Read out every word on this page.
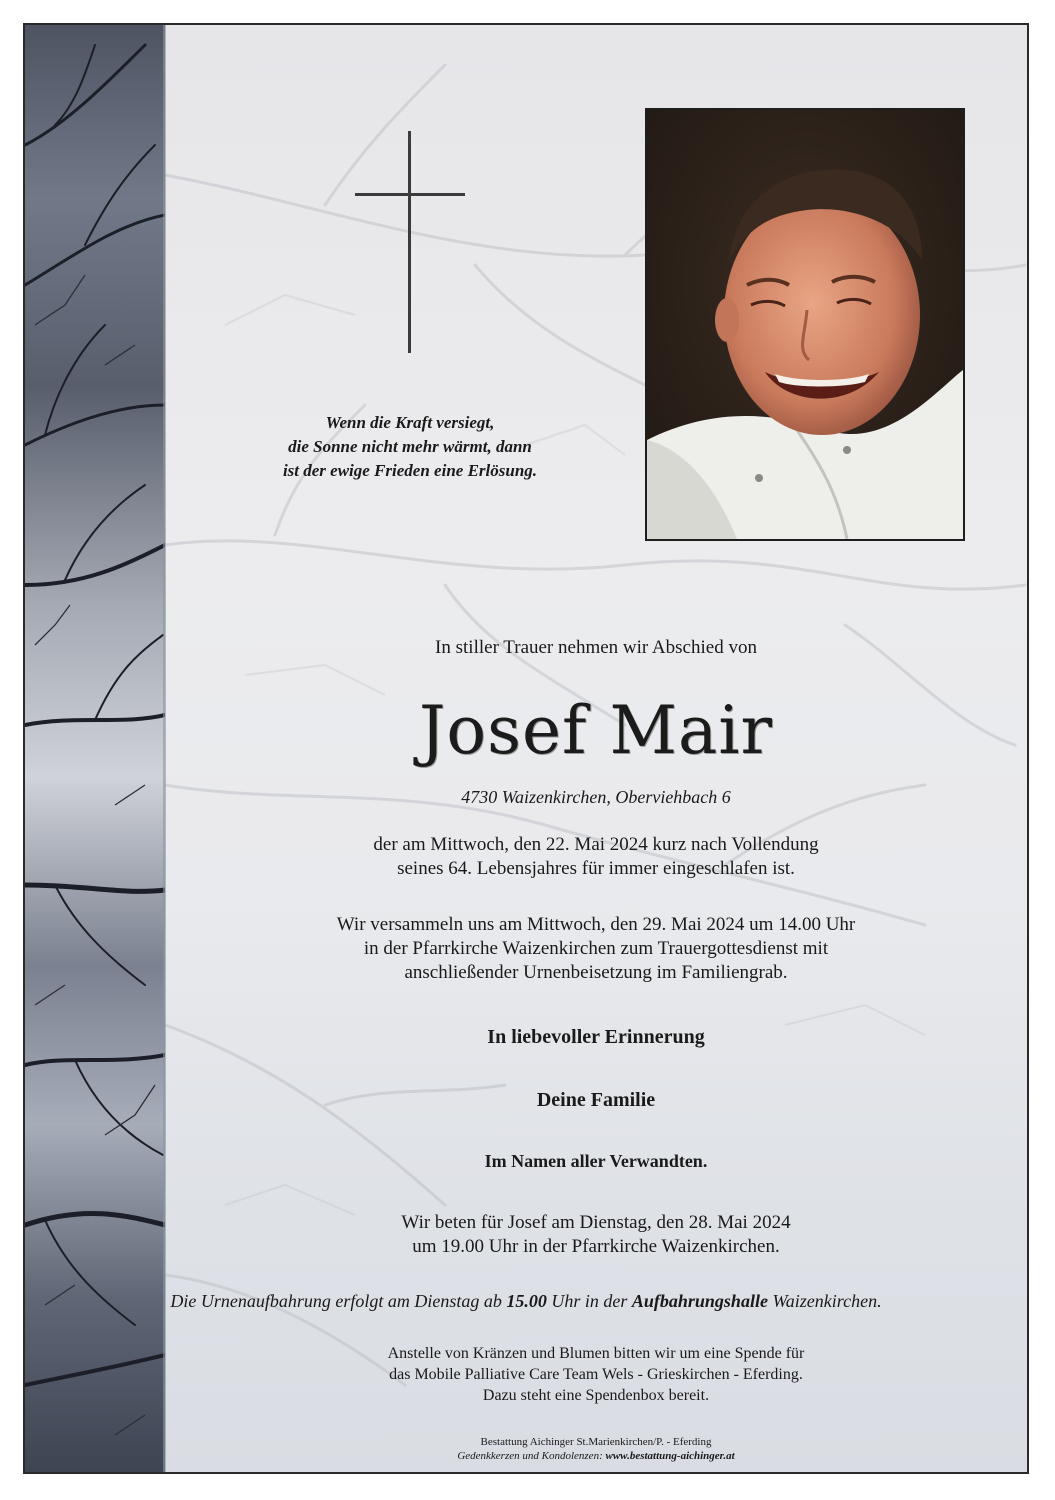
Wenn die Kraft versiegt,
die Sonne nicht mehr wärmt, dann
ist der ewige Frieden eine Erlösung.
In stiller Trauer nehmen wir Abschied von
Josef Mair
4730 Waizenkirchen, Oberviehbach 6
der am Mittwoch, den 22. Mai 2024 kurz nach Vollendung
seines 64. Lebensjahres für immer eingeschlafen ist.
Wir versammeln uns am Mittwoch, den 29. Mai 2024 um 14.00 Uhr
in der Pfarrkirche Waizenkirchen zum Trauergottesdienst mit
anschließender Urnenbeisetzung im Familiengrab.
In liebevoller Erinnerung
Deine Familie
Im Namen aller Verwandten.
Wir beten für Josef am Dienstag, den 28. Mai 2024
um 19.00 Uhr in der Pfarrkirche Waizenkirchen.
Die Urnenaufbahrung erfolgt am Dienstag ab 15.00 Uhr in der Aufbahrungshalle Waizenkirchen.
Anstelle von Kränzen und Blumen bitten wir um eine Spende für
das Mobile Palliative Care Team Wels - Grieskirchen - Eferding.
Dazu steht eine Spendenbox bereit.
Bestattung Aichinger St.Marienkirchen/P. - Eferding
Gedenkkerzen und Kondolenzen: www.bestattung-aichinger.at
